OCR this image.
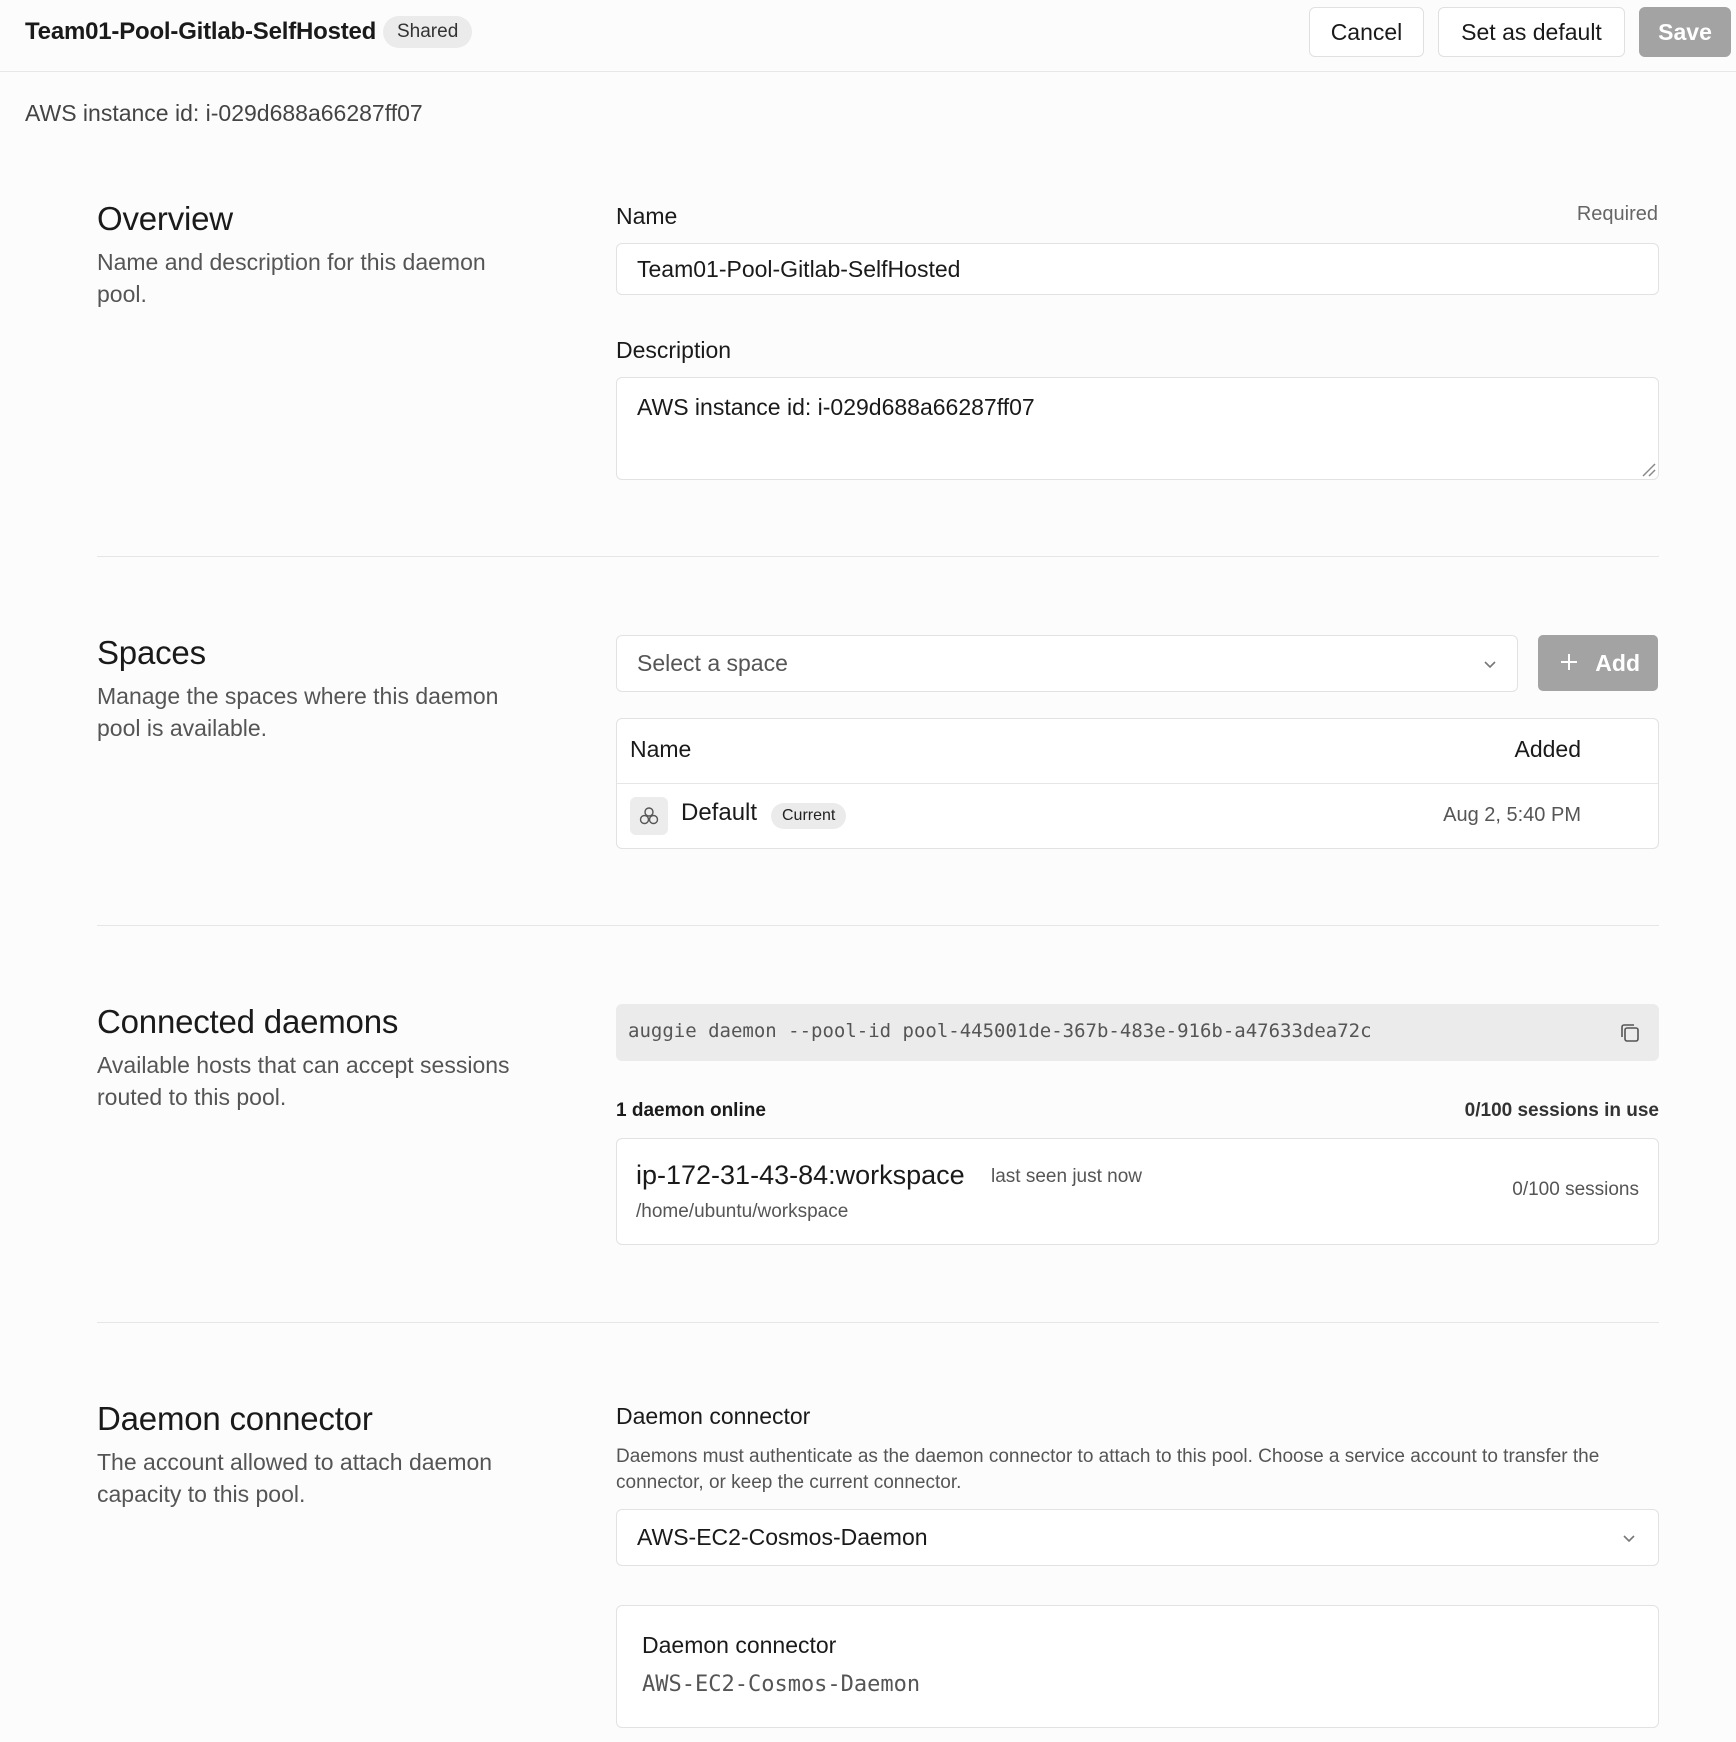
Team01-Pool-Gitlab-SelfHosted	Shared	Cancel	Set as default	Save
AWS instance id: i-029d688a66287ff07
Overview
Name and description for this daemon pool.
Name	Required
Team01-Pool-Gitlab-SelfHosted
Description
AWS instance id: i-029d688a66287ff07
Spaces
Manage the spaces where this daemon pool is available.
Select a space	Add
Name	Added
Default	Current	Aug 2, 5:40 PM
Connected daemons
Available hosts that can accept sessions routed to this pool.
auggie daemon --pool-id pool-445001de-367b-483e-916b-a47633dea72c
1 daemon online	0/100 sessions in use
ip-172-31-43-84:workspace last seen just now
/home/ubuntu/workspace
0/100 sessions
Daemon connector
The account allowed to attach daemon capacity to this pool.
Daemon connector
Daemons must authenticate as the daemon connector to attach to this pool. Choose a service account to transfer the connector, or keep the current connector.
AWS-EC2-Cosmos-Daemon
Daemon connector
AWS-EC2-Cosmos-Daemon
